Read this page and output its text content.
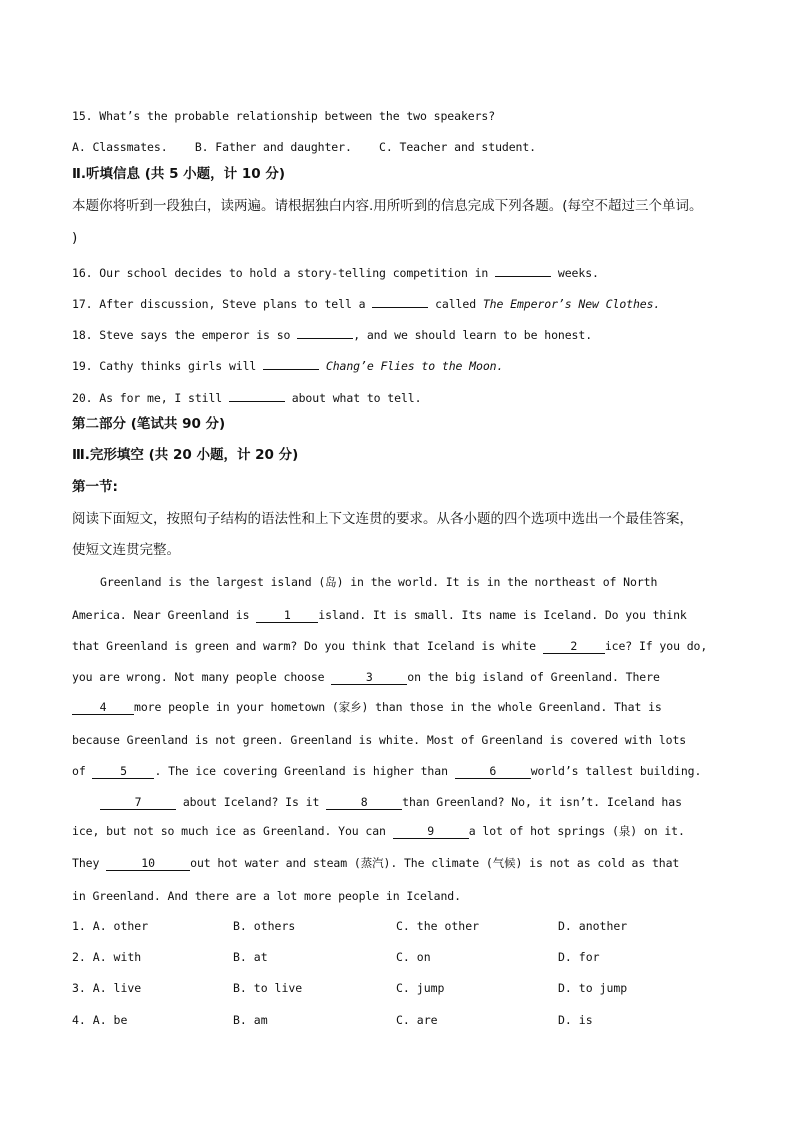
15. What’s the probable relationship between the two speakers?
A. Classmates.    B. Father and daughter.    C. Teacher and student.
Ⅱ.听填信息 (共 5 小题，计 10 分)
本题你将听到一段独白，读两遍。请根据独白内容.用所听到的信息完成下列各题。(每空不超过三个单词。
)
16. Our school decides to hold a story-telling competition in	weeks.
17. After discussion, Steve plans to tell a	called The Emperor’s New Clothes.
18. Steve says the emperor is so	, and we should learn to be honest.
19. Cathy thinks girls will	Chang’e Flies to the Moon.
20. As for me, I still	about what to tell.
第二部分 (笔试共 90 分)
Ⅲ.完形填空 (共 20 小题，计 20 分)
第一节:
阅读下面短文，按照句子结构的语法性和上下文连贯的要求。从各小题的四个选项中选出一个最佳答案，
使短文连贯完整。
Greenland is the largest island (岛) in the world. It is in the northeast of North
America. Near Greenland is 1 island. It is small. Its name is Iceland. Do you think
that Greenland is green and warm? Do you think that Iceland is white 2 ice? If you do,
you are wrong. Not many people choose	3	on the big island of Greenland. There
4 more people in your hometown (家乡) than those in the whole Greenland. That is
because Greenland is not green. Greenland is white. Most of Greenland is covered with lots
of 5 . The ice covering Greenland is higher than	6	world’s tallest building.
7	about Iceland? Is it	8	than Greenland? No, it isn’t. Iceland has
ice, but not so much ice as Greenland. You can	9	a lot of hot springs (泉) on it.
They	10	out hot water and steam (蒸汽). The climate (气候) is not as cold as that
in Greenland. And there are a lot more people in Iceland.
1. A. other	B. others	C. the other	D. another
2. A. with	B. at	C. on	D. for
3. A. live	B. to live	C. jump	D. to jump
4. A. be	B. am	C. are	D. is
